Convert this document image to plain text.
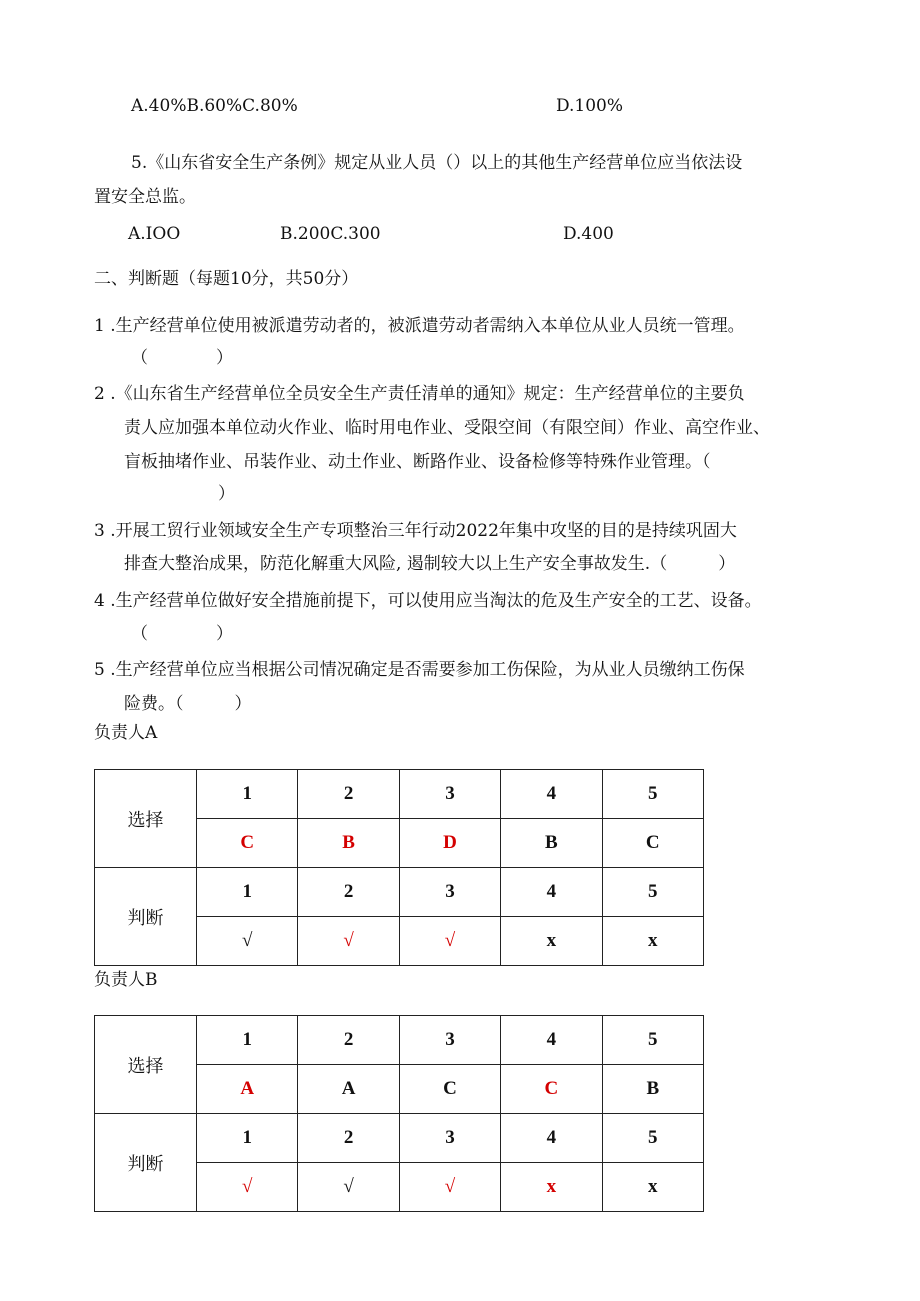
A.40%B.60%C.80%	D.100%
5.《山东省安全生产条例》规定从业人员（）以上的其他生产经营单位应当依法设
置安全总监。
A.IOO	B.200C.300	D.400
二、判断题（每题10分，共50分）
1 .生产经营单位使用被派遣劳动者的，被派遣劳动者需纳入本单位从业人员统一管理。
（　　　　）
2 .《山东省生产经营单位全员安全生产责任清单的通知》规定：生产经营单位的主要负
责人应加强本单位动火作业、临时用电作业、受限空间（有限空间）作业、高空作业、
盲板抽堵作业、吊装作业、动土作业、断路作业、设备检修等特殊作业管理。（
）
3 .开展工贸行业领域安全生产专项整治三年行动2022年集中攻坚的目的是持续巩固大
排查大整治成果，防范化解重大风险, 遏制较大以上生产安全事故发生.（　　　）
4 .生产经营单位做好安全措施前提下，可以使用应当淘汰的危及生产安全的工艺、设备。
（　　　　）
5 .生产经营单位应当根据公司情况确定是否需要参加工伤保险，为从业人员缴纳工伤保
险费。（　　　）
负责人A
选择	1	2	3	4	5
	C	B	D	B	C
判断	1	2	3	4	5
	√	√	√	x	x
负责人B
选择	1	2	3	4	5
	A	A	C	C	B
判断	1	2	3	4	5
	√	√	√	x	x
